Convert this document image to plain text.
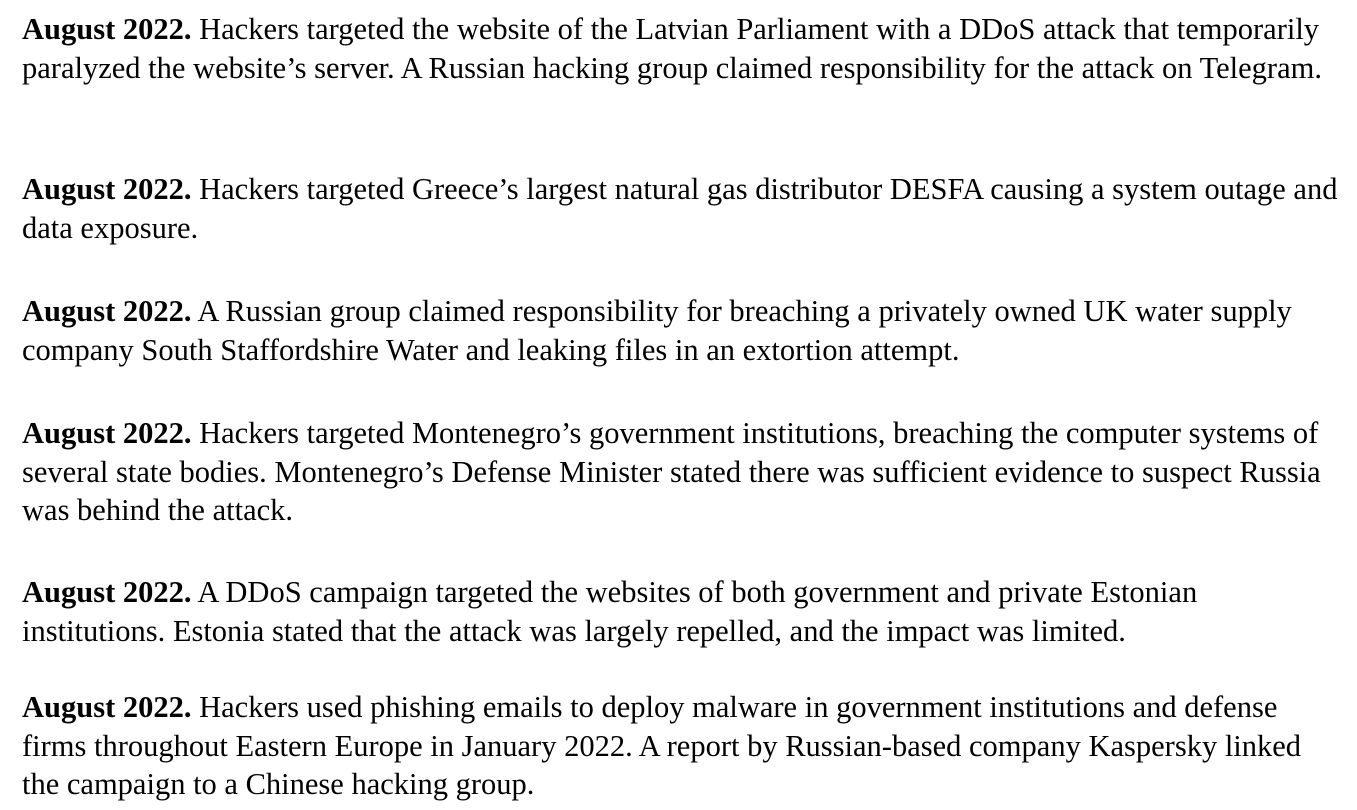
August 2022. Hackers targeted the website of the Latvian Parliament with a DDoS attack that temporarily paralyzed the website’s server. A Russian hacking group claimed responsibility for the attack on Telegram.

August 2022. Hackers targeted Greece’s largest natural gas distributor DESFA causing a system outage and data exposure.

August 2022. A Russian group claimed responsibility for breaching a privately owned UK water supply company South Staffordshire Water and leaking files in an extortion attempt.

August 2022. Hackers targeted Montenegro’s government institutions, breaching the computer systems of several state bodies. Montenegro’s Defense Minister stated there was sufficient evidence to suspect Russia was behind the attack.

August 2022. A DDoS campaign targeted the websites of both government and private Estonian institutions. Estonia stated that the attack was largely repelled, and the impact was limited.

August 2022. Hackers used phishing emails to deploy malware in government institutions and defense firms throughout Eastern Europe in January 2022. A report by Russian-based company Kaspersky linked the campaign to a Chinese hacking group.
